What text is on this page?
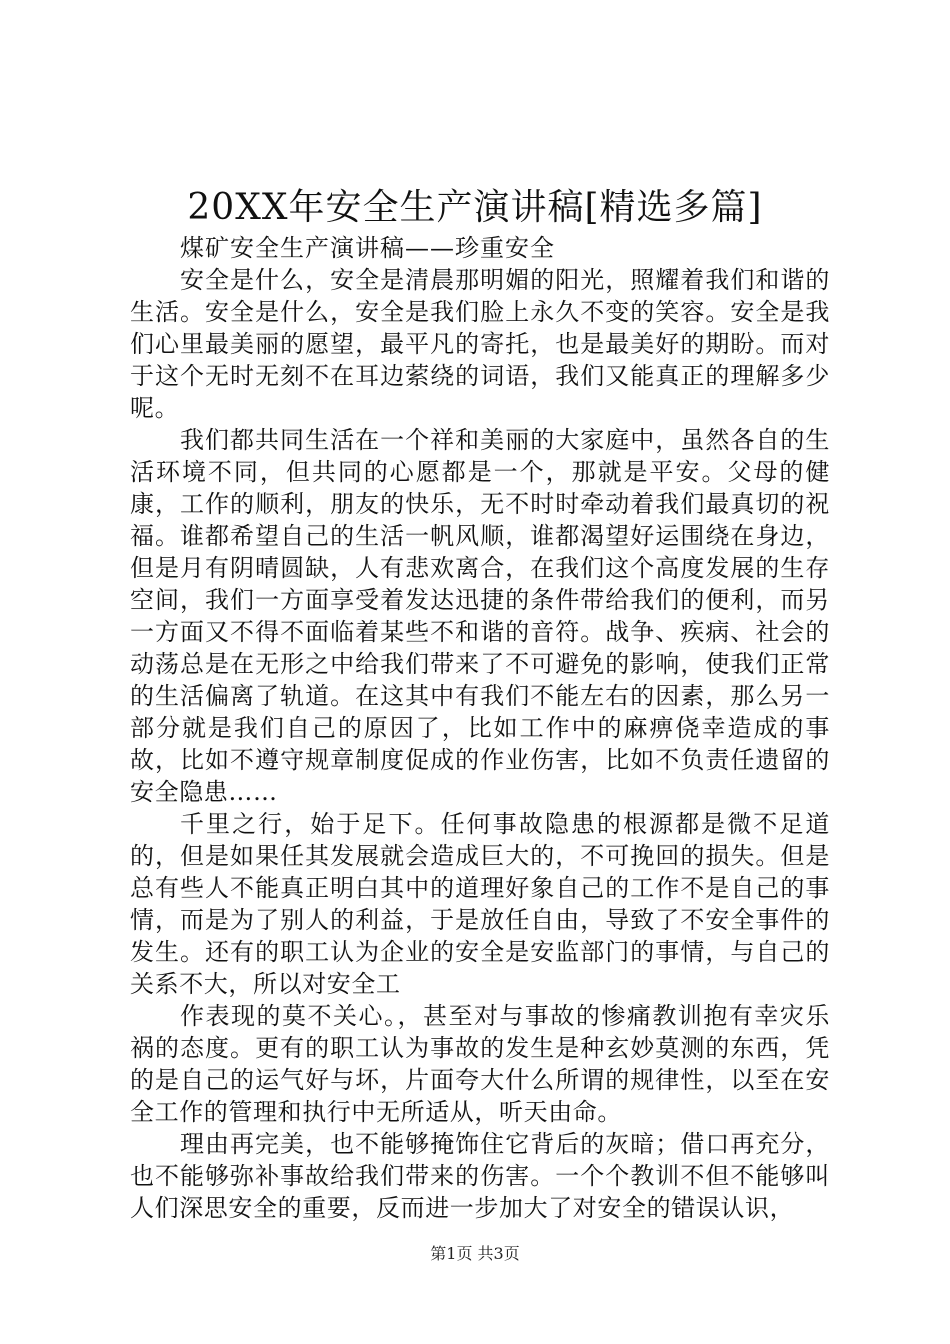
20XX年安全生产演讲稿[精选多篇]
煤矿安全生产演讲稿——珍重安全

安全是什么，安全是清晨那明媚的阳光，照耀着我们和谐的生活。安全是什么，安全是我们脸上永久不变的笑容。安全是我们心里最美丽的愿望，最平凡的寄托，也是最美好的期盼。而对于这个无时无刻不在耳边萦绕的词语，我们又能真正的理解多少呢。

我们都共同生活在一个祥和美丽的大家庭中，虽然各自的生活环境不同，但共同的心愿都是一个，那就是平安。父母的健康，工作的顺利，朋友的快乐，无不时时牵动着我们最真切的祝福。谁都希望自己的生活一帆风顺，谁都渴望好运围绕在身边，但是月有阴晴圆缺，人有悲欢离合，在我们这个高度发展的生存空间，我们一方面享受着发达迅捷的条件带给我们的便利，而另一方面又不得不面临着某些不和谐的音符。战争、疾病、社会的动荡总是在无形之中给我们带来了不可避免的影响，使我们正常的生活偏离了轨道。在这其中有我们不能左右的因素，那么另一部分就是我们自己的原因了，比如工作中的麻痹侥幸造成的事故，比如不遵守规章制度促成的作业伤害，比如不负责任遗留的安全隐患……

千里之行，始于足下。任何事故隐患的根源都是微不足道的，但是如果任其发展就会造成巨大的，不可挽回的损失。但是总有些人不能真正明白其中的道理好象自己的工作不是自己的事情，而是为了别人的利益，于是放任自由，导致了不安全事件的发生。还有的职工认为企业的安全是安监部门的事情，与自己的关系不大，所以对安全工

作表现的莫不关心。，甚至对与事故的惨痛教训抱有幸灾乐祸的态度。更有的职工认为事故的发生是种玄妙莫测的东西，凭的是自己的运气好与坏，片面夸大什么所谓的规律性，以至在安全工作的管理和执行中无所适从，听天由命。

理由再完美，也不能够掩饰住它背后的灰暗；借口再充分，也不能够弥补事故给我们带来的伤害。一个个教训不但不能够叫人们深思安全的重要，反而进一步加大了对安全的错误认识，

第1页 共3页
